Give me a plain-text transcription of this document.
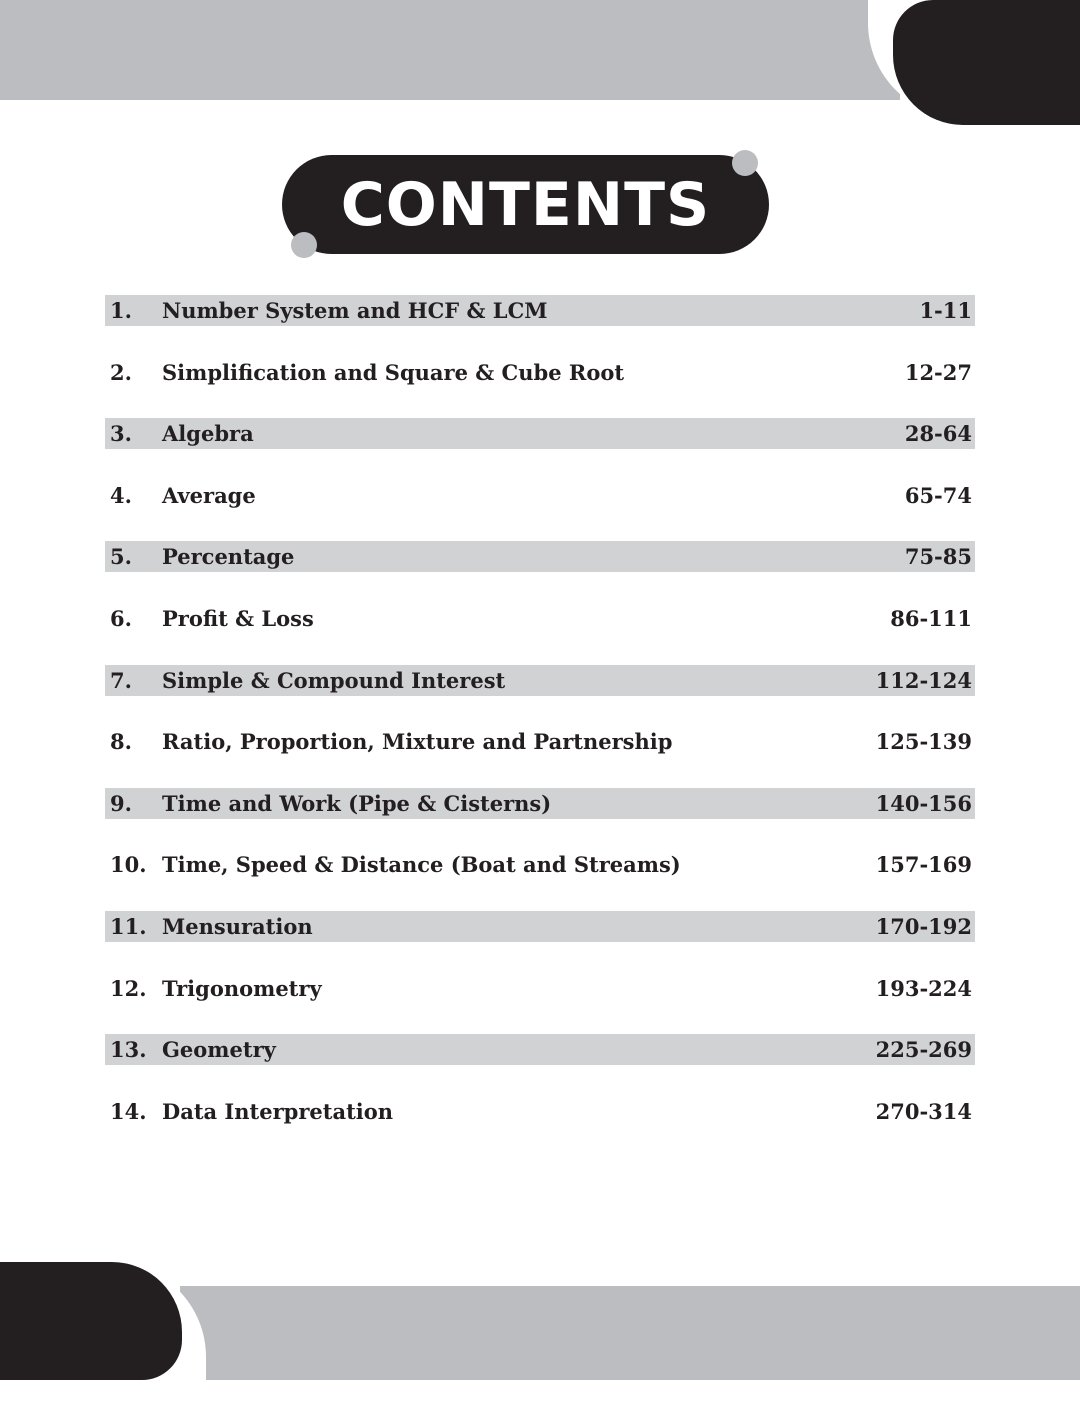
CONTENTS
1.	Number System and HCF & LCM	1-11
2.	Simplification and Square & Cube Root	12-27
3.	Algebra	28-64
4.	Average	65-74
5.	Percentage	75-85
6.	Profit & Loss	86-111
7.	Simple & Compound Interest	112-124
8.	Ratio, Proportion, Mixture and Partnership	125-139
9.	Time and Work (Pipe & Cisterns)	140-156
10. Time, Speed & Distance (Boat and Streams)	157-169
11. Mensuration	170-192
12. Trigonometry	193-224
13. Geometry	225-269
14. Data Interpretation	270-314
